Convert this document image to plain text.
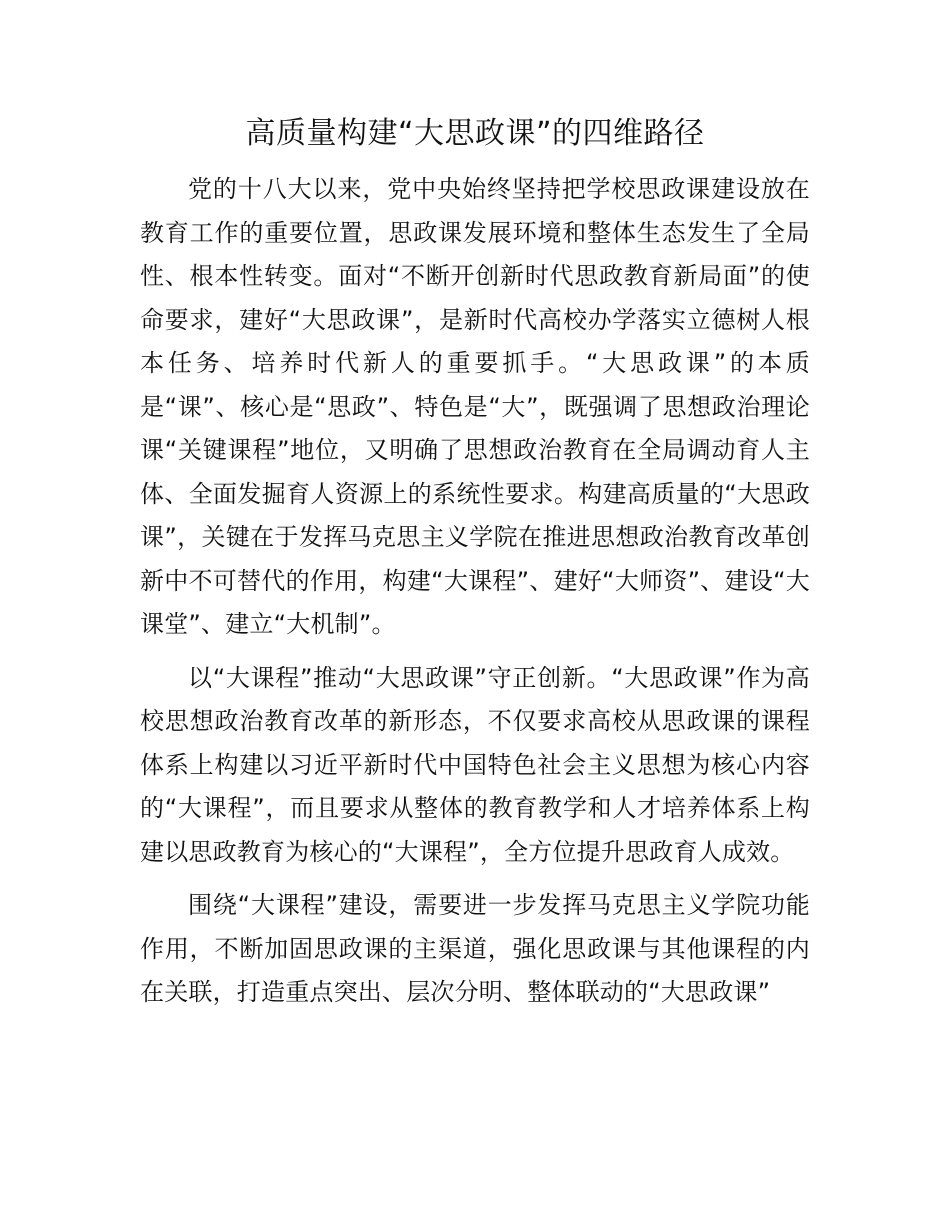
高质量构建“大思政课”的四维路径

党的十八大以来，党中央始终坚持把学校思政课建设放在教育工作的重要位置，思政课发展环境和整体生态发生了全局性、根本性转变。面对“不断开创新时代思政教育新局面”的使命要求，建好“大思政课”，是新时代高校办学落实立德树人根本任务、培养时代新人的重要抓手。“大思政课”的本质是“课”、核心是“思政”、特色是“大”，既强调了思想政治理论课“关键课程”地位，又明确了思想政治教育在全局调动育人主体、全面发掘育人资源上的系统性要求。构建高质量的“大思政课”，关键在于发挥马克思主义学院在推进思想政治教育改革创新中不可替代的作用，构建“大课程”、建好“大师资”、建设“大课堂”、建立“大机制”。

以“大课程”推动“大思政课”守正创新。“大思政课”作为高校思想政治教育改革的新形态，不仅要求高校从思政课的课程体系上构建以习近平新时代中国特色社会主义思想为核心内容的“大课程”，而且要求从整体的教育教学和人才培养体系上构建以思政教育为核心的“大课程”，全方位提升思政育人成效。

围绕“大课程”建设，需要进一步发挥马克思主义学院功能作用，不断加固思政课的主渠道，强化思政课与其他课程的内在关联，打造重点突出、层次分明、整体联动的“大思政课”
